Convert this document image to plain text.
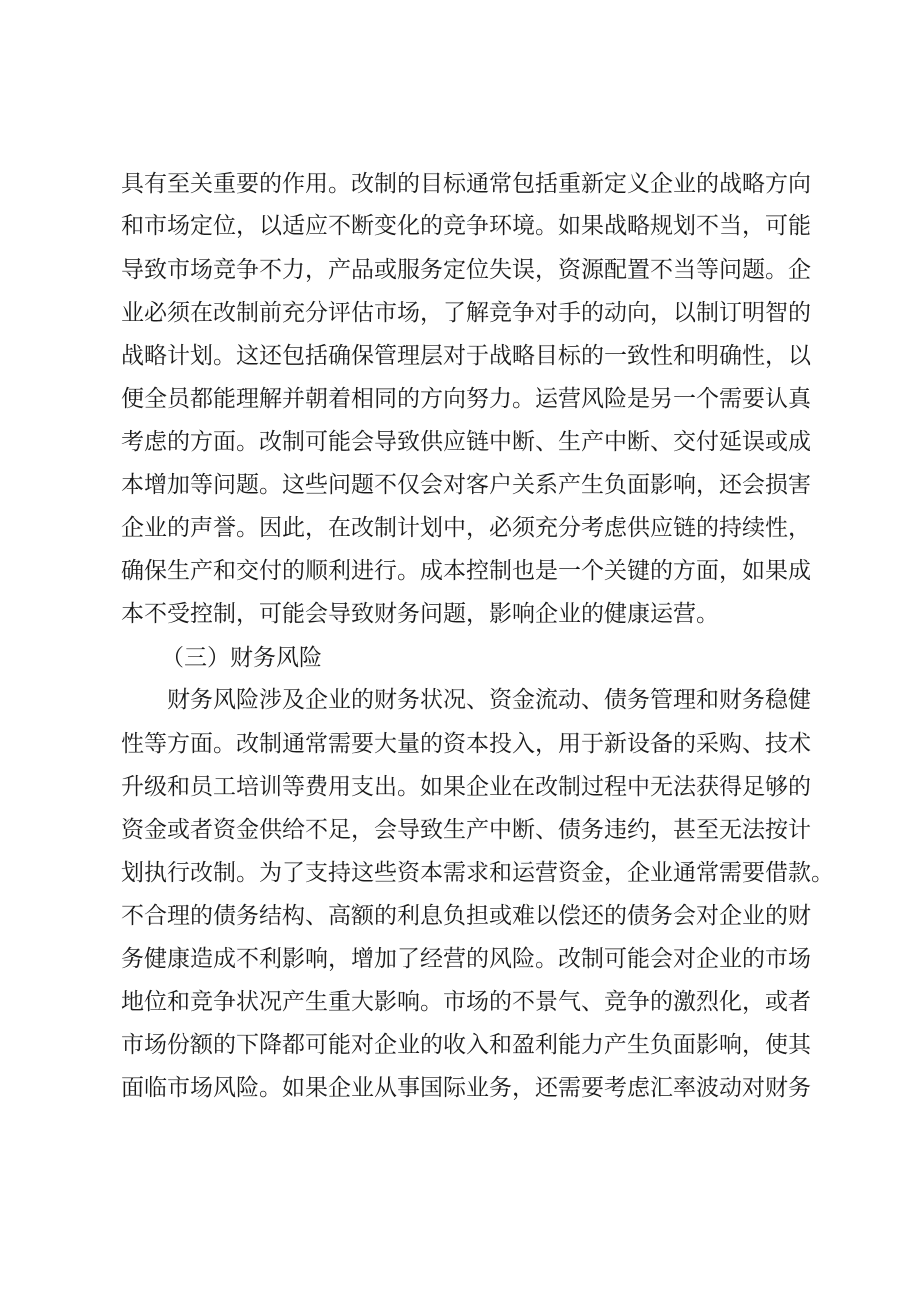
具有至关重要的作用。改制的目标通常包括重新定义企业的战略方向
和市场定位，以适应不断变化的竞争环境。如果战略规划不当，可能
导致市场竞争不力，产品或服务定位失误，资源配置不当等问题。企
业必须在改制前充分评估市场，了解竞争对手的动向，以制订明智的
战略计划。这还包括确保管理层对于战略目标的一致性和明确性，以
便全员都能理解并朝着相同的方向努力。运营风险是另一个需要认真
考虑的方面。改制可能会导致供应链中断、生产中断、交付延误或成
本增加等问题。这些问题不仅会对客户关系产生负面影响，还会损害
企业的声誉。因此，在改制计划中，必须充分考虑供应链的持续性，
确保生产和交付的顺利进行。成本控制也是一个关键的方面，如果成
本不受控制，可能会导致财务问题，影响企业的健康运营。
（三）财务风险
财务风险涉及企业的财务状况、资金流动、债务管理和财务稳健
性等方面。改制通常需要大量的资本投入，用于新设备的采购、技术
升级和员工培训等费用支出。如果企业在改制过程中无法获得足够的
资金或者资金供给不足，会导致生产中断、债务违约，甚至无法按计
划执行改制。为了支持这些资本需求和运营资金，企业通常需要借款。
不合理的债务结构、高额的利息负担或难以偿还的债务会对企业的财
务健康造成不利影响，增加了经营的风险。改制可能会对企业的市场
地位和竞争状况产生重大影响。市场的不景气、竞争的激烈化，或者
市场份额的下降都可能对企业的收入和盈利能力产生负面影响，使其
面临市场风险。如果企业从事国际业务，还需要考虑汇率波动对财务
